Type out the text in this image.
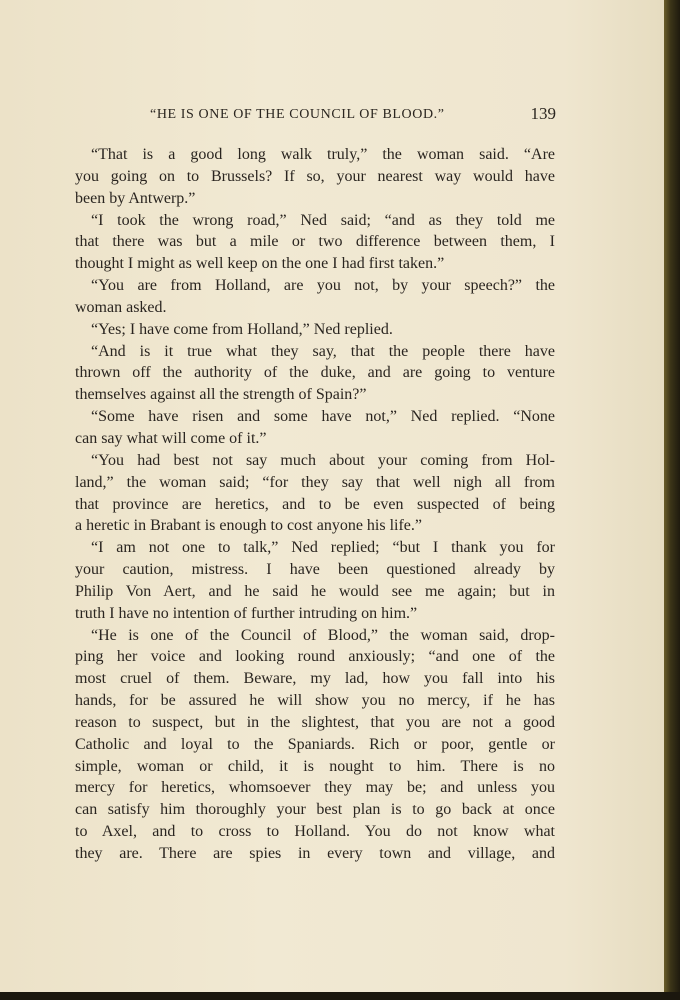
“HE IS ONE OF THE COUNCIL OF BLOOD.”	139
“That is a good long walk truly,” the woman said. “Are
you going on to Brussels? If so, your nearest way would have
been by Antwerp.”
“I took the wrong road,” Ned said; “and as they told me
that there was but a mile or two difference between them, I
thought I might as well keep on the one I had first taken.”
“You are from Holland, are you not, by your speech?” the
woman asked.
“Yes; I have come from Holland,” Ned replied.
“And is it true what they say, that the people there have
thrown off the authority of the duke, and are going to venture
themselves against all the strength of Spain?”
“Some have risen and some have not,” Ned replied. “None
can say what will come of it.”
“You had best not say much about your coming from Hol-
land,” the woman said; “for they say that well nigh all from
that province are heretics, and to be even suspected of being
a heretic in Brabant is enough to cost anyone his life.”
“I am not one to talk,” Ned replied; “but I thank you for
your caution, mistress. I have been questioned already by
Philip Von Aert, and he said he would see me again; but in
truth I have no intention of further intruding on him.”
“He is one of the Council of Blood,” the woman said, drop-
ping her voice and looking round anxiously; “and one of the
most cruel of them. Beware, my lad, how you fall into his
hands, for be assured he will show you no mercy, if he has
reason to suspect, but in the slightest, that you are not a good
Catholic and loyal to the Spaniards. Rich or poor, gentle or
simple, woman or child, it is nought to him. There is no
mercy for heretics, whomsoever they may be; and unless you
can satisfy him thoroughly your best plan is to go back at once
to Axel, and to cross to Holland. You do not know what
they are. There are spies in every town and village, and
